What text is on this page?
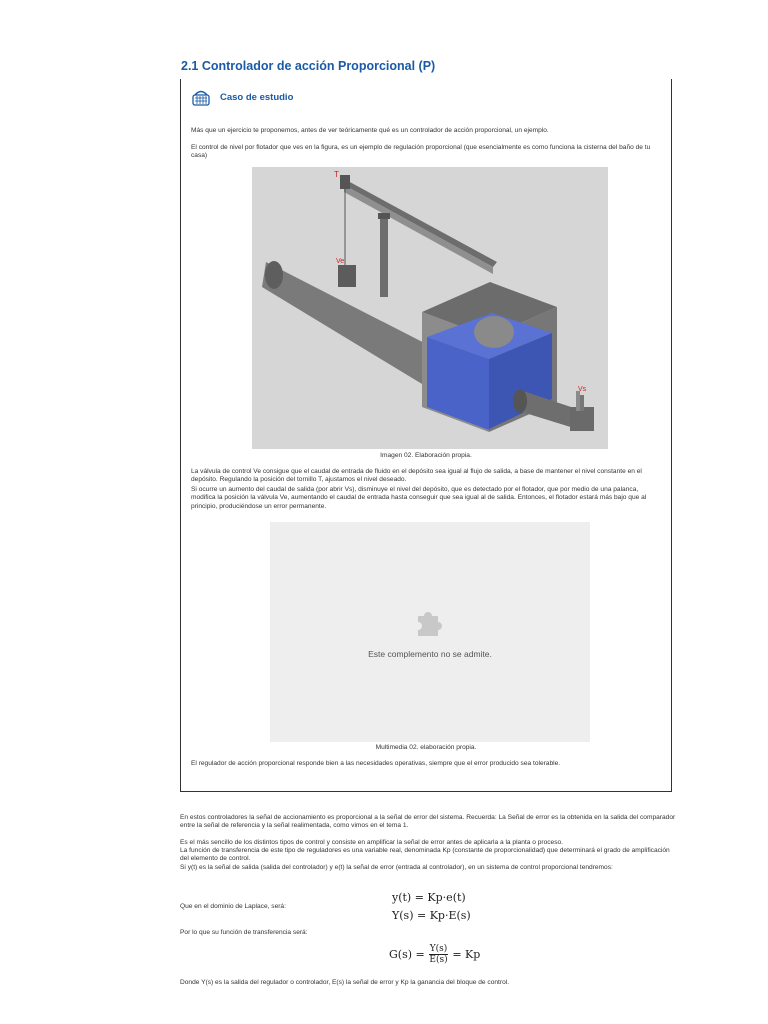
2.1 Controlador de acción Proporcional (P)
Caso de estudio
Más que un ejercicio te proponemos, antes de ver teóricamente qué es un controlador de acción proporcional, un ejemplo.
El control de nivel por flotador que ves en la figura, es un ejemplo de regulación proporcional (que esencialmente es como funciona la cisterna del baño de tu casa)
T
Ve
Vs
Imagen 02. Elaboración propia.
La válvula de control Ve consigue que el caudal de entrada de fluido en el depósito sea igual al flujo de salida, a base de mantener el nivel constante en el depósito. Regulando la posición del tornillo T, ajustamos el nivel deseado.
Si ocurre un aumento del caudal de salida (por abrir Vs), disminuye el nivel del depósito, que es detectado por el flotador, que por medio de una palanca, modifica la posición la válvula Ve, aumentando el caudal de entrada hasta conseguir que sea igual al de salida. Entonces, el flotador estará más bajo que al principio, produciéndose un error permanente.
Este complemento no se admite.
Multimedia 02. elaboración propia.
El regulador de acción proporcional responde bien a las necesidades operativas, siempre que el error producido sea tolerable.
En estos controladores la señal de accionamiento es proporcional a la señal de error del sistema. Recuerda: La Señal de error es la obtenida en la salida del comparador entre la señal de referencia y la señal realimentada, como vimos en el tema 1.
Es el más sencillo de los distintos tipos de control y consiste en amplificar la señal de error antes de aplicarla a la planta o proceso.
La función de transferencia de este tipo de reguladores es una variable real, denominada Kp (constante de proporcionalidad) que determinará el grado de amplificación del elemento de control.
Si y(t) es la señal de salida (salida del controlador) y e(t) la señal de error (entrada al controlador), en un sistema de control proporcional tendremos:
y(t) = Kp·e(t)
Que en el dominio de Laplace, será:
Y(s) = Kp·E(s)
Por lo que su función de transferencia será:
$G(s) = \frac{Y(s)}{E(s)} = Kp$
Donde Y(s) es la salida del regulador o controlador, E(s) la señal de error y Kp la ganancia del bloque de control.
